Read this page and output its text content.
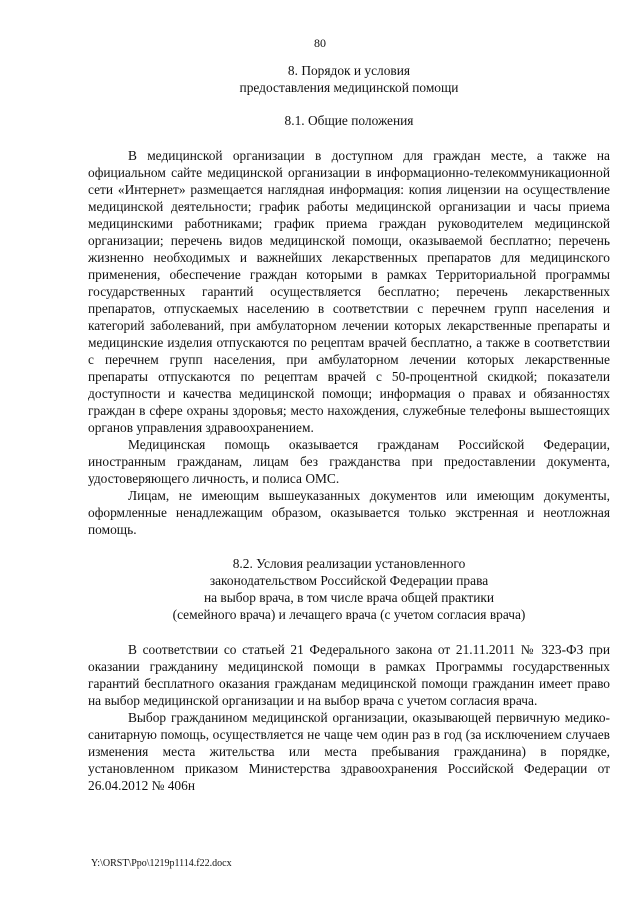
80
8. Порядок и условия
предоставления медицинской помощи
8.1. Общие положения

В медицинской организации в доступном для граждан месте, а также на официальном сайте медицинской организации в информационно-телекоммуникационной сети «Интернет» размещается наглядная информация: копия лицензии на осуществление медицинской деятельности; график работы медицинской организации и часы приема медицинскими работниками; график приема граждан руководителем медицинской организации; перечень видов медицинской помощи, оказываемой бесплатно; перечень жизненно необходимых и важнейших лекарственных препаратов для медицинского применения, обеспечение граждан которыми в рамках Территориальной программы государственных гарантий осуществляется бесплатно; перечень лекарственных препаратов, отпускаемых населению в соответствии с перечнем групп населения и категорий заболеваний, при амбулаторном лечении которых лекарственные препараты и медицинские изделия отпускаются по рецептам врачей бесплатно, а также в соответствии с перечнем групп населения, при амбулаторном лечении которых лекарственные препараты отпускаются по рецептам врачей с 50-процентной скидкой; показатели доступности и качества медицинской помощи; информация о правах и обязанностях граждан в сфере охраны здоровья; место нахождения, служебные телефоны вышестоящих органов управления здравоохранением.

Медицинская помощь оказывается гражданам Российской Федерации, иностранным гражданам, лицам без гражданства при предоставлении документа, удостоверяющего личность, и полиса ОМС.

Лицам, не имеющим вышеуказанных документов или имеющим документы, оформленные ненадлежащим образом, оказывается только экстренная и неотложная помощь.

8.2. Условия реализации установленного
законодательством Российской Федерации права
на выбор врача, в том числе врача общей практики
(семейного врача) и лечащего врача (с учетом согласия врача)

В соответствии со статьей 21 Федерального закона от 21.11.2011 № 323-ФЗ при оказании гражданину медицинской помощи в рамках Программы государственных гарантий бесплатного оказания гражданам медицинской помощи гражданин имеет право на выбор медицинской организации и на выбор врача с учетом согласия врача.

Выбор гражданином медицинской организации, оказывающей первичную медико-санитарную помощь, осуществляется не чаще чем один раз в год (за исключением случаев изменения места жительства или места пребывания гражданина) в порядке, установленном приказом Министерства здравоохранения Российской Федерации от 26.04.2012 № 406н

Y:\ORST\Ppo\1219p1114.f22.docx
